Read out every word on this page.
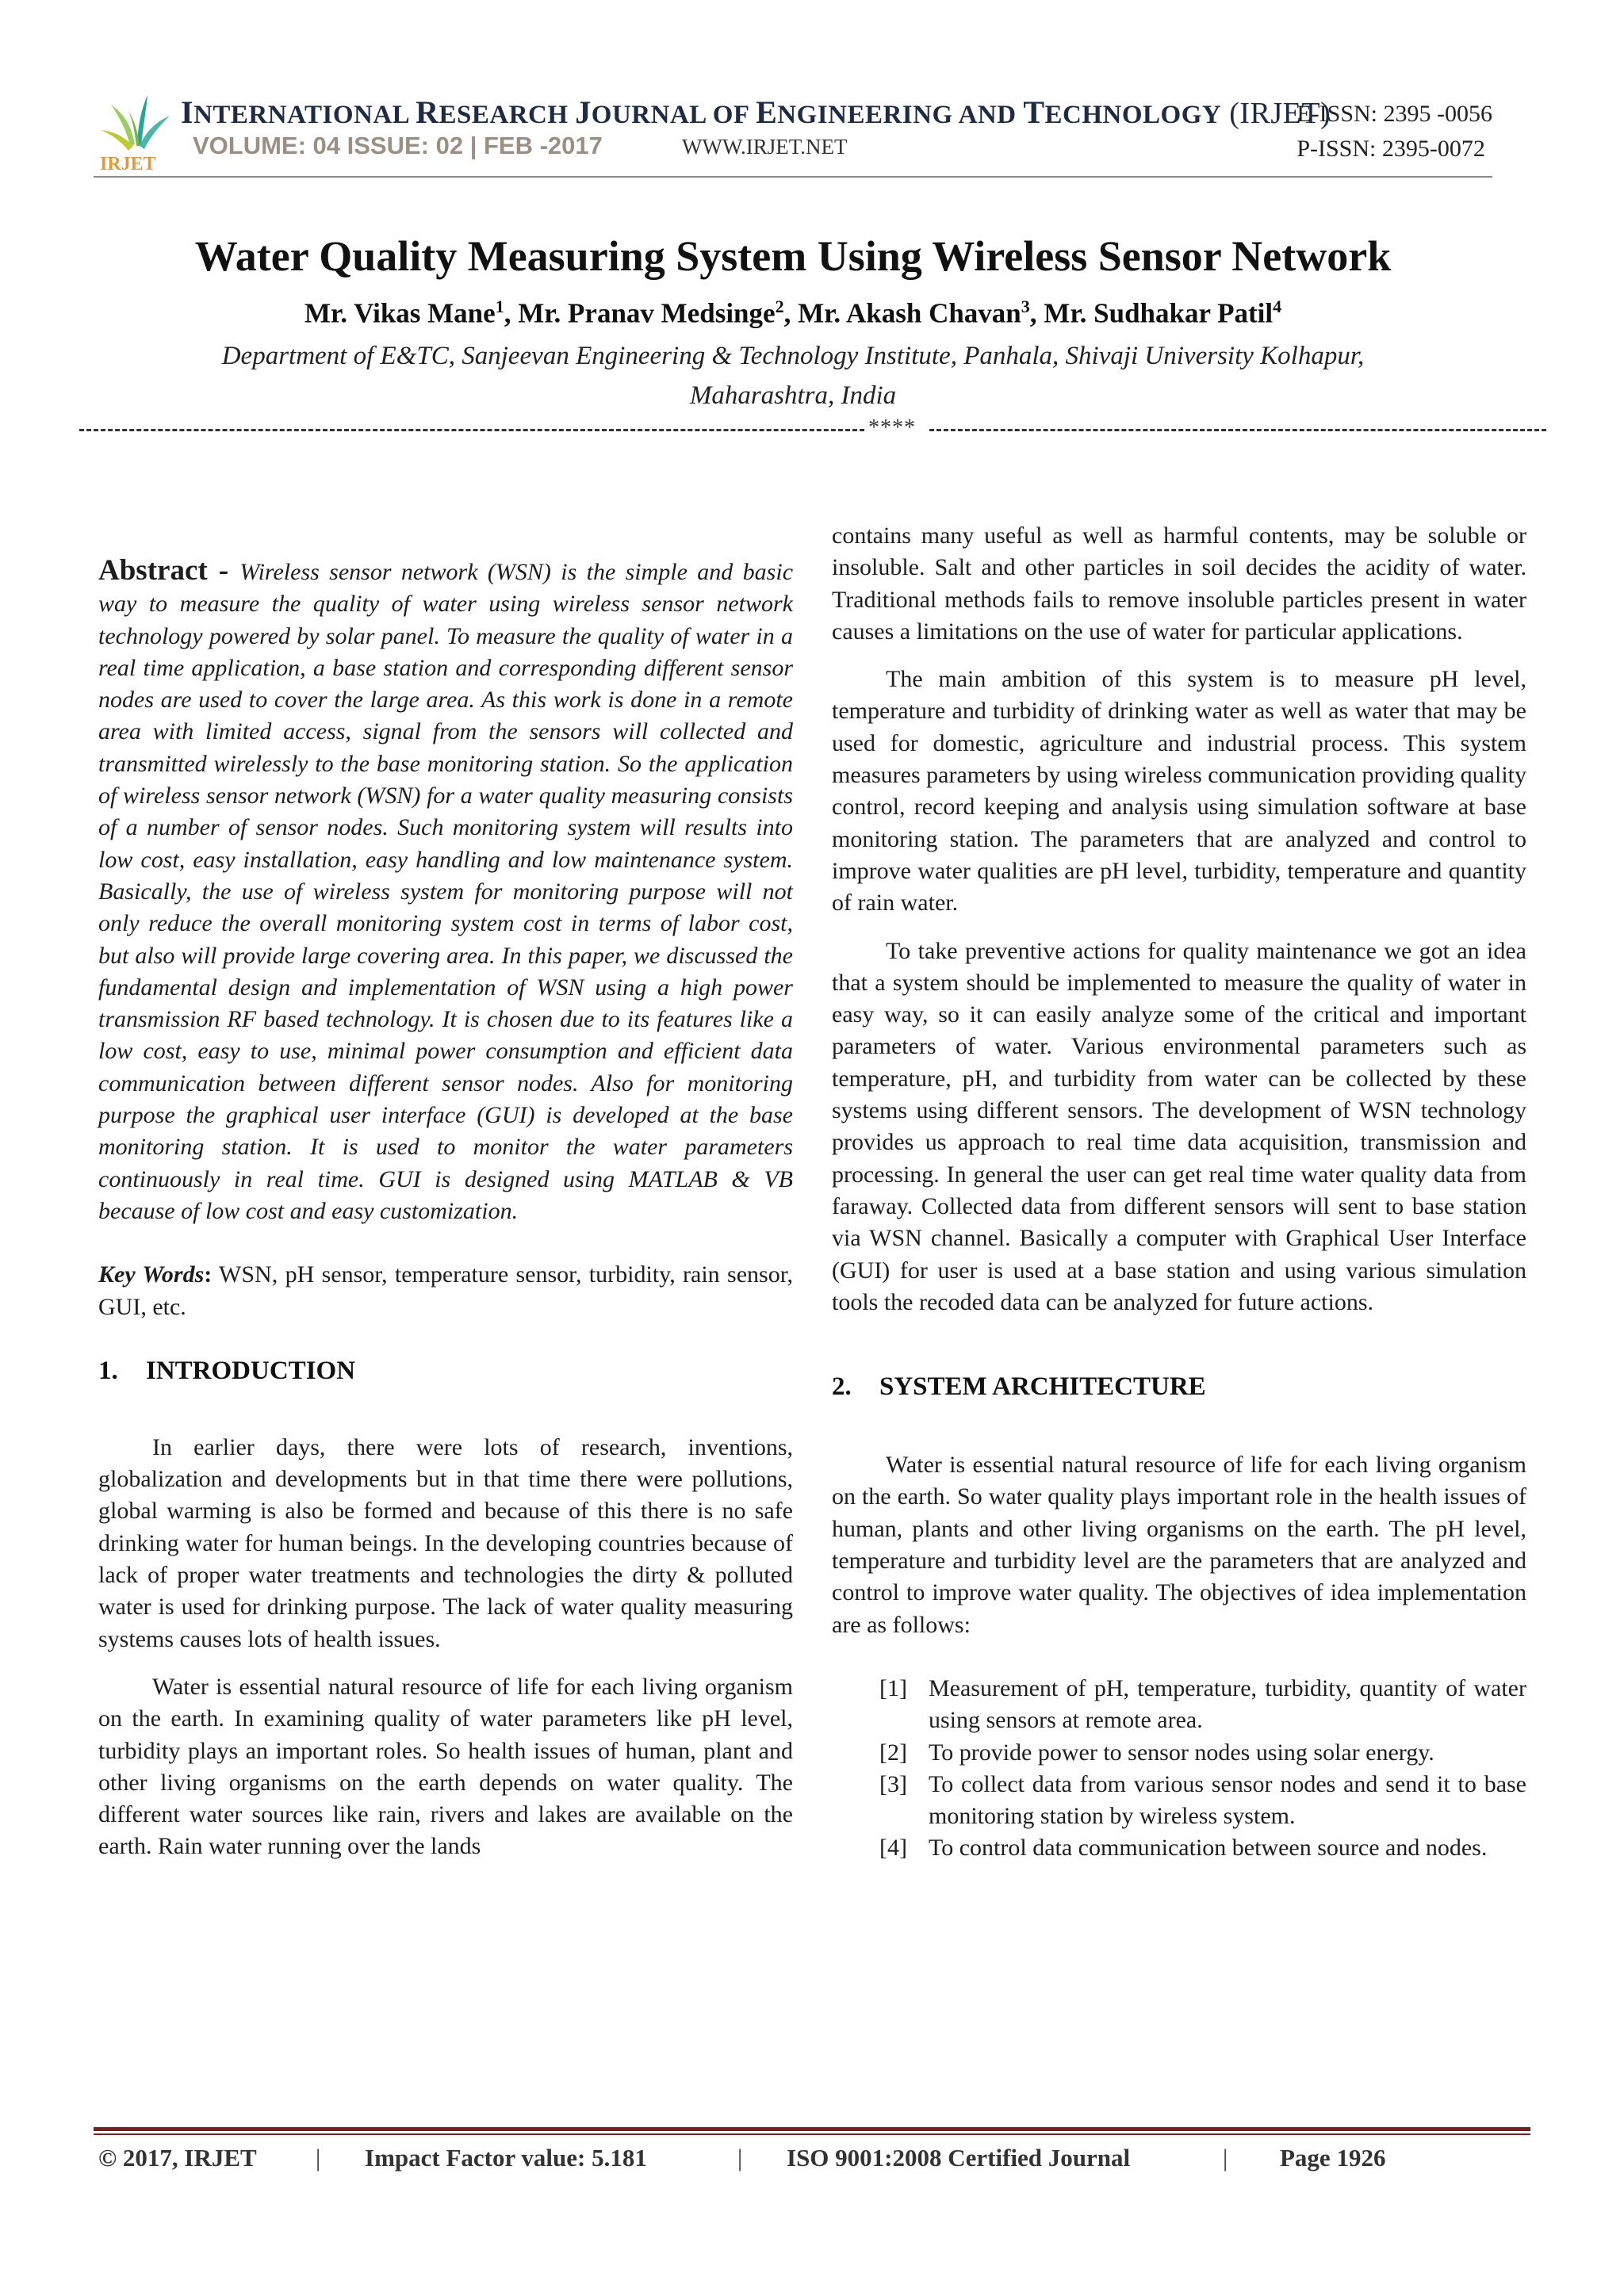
IRJET
INTERNATIONAL RESEARCH JOURNAL OF ENGINEERING AND TECHNOLOGY (IRJET)
VOLUME: 04 ISSUE: 02 | FEB -2017	WWW.IRJET.NET
E-ISSN: 2395 -0056
P-ISSN: 2395-0072
Water Quality Measuring System Using Wireless Sensor Network
Mr. Vikas Mane$^1$, Mr. Pranav Medsinge$^2$, Mr. Akash Chavan$^3$, Mr. Sudhakar Patil$^4$
Department of E&TC, Sanjeevan Engineering & Technology Institute, Panhala, Shivaji University Kolhapur,
Maharashtra, India
****

Abstract - Wireless sensor network (WSN) is the simple and basic way to measure the quality of water using wireless sensor network technology powered by solar panel. To measure the quality of water in a real time application, a base station and corresponding different sensor nodes are used to cover the large area. As this work is done in a remote area with limited access, signal from the sensors will collected and transmitted wirelessly to the base monitoring station. So the application of wireless sensor network (WSN) for a water quality measuring consists of a number of sensor nodes. Such monitoring system will results into low cost, easy installation, easy handling and low maintenance system. Basically, the use of wireless system for monitoring purpose will not only reduce the overall monitoring system cost in terms of labor cost, but also will provide large covering area. In this paper, we discussed the fundamental design and implementation of WSN using a high power transmission RF based technology. It is chosen due to its features like a low cost, easy to use, minimal power consumption and efficient data communication between different sensor nodes. Also for monitoring purpose the graphical user interface (GUI) is developed at the base monitoring station. It is used to monitor the water parameters continuously in real time. GUI is designed using MATLAB & VB because of low cost and easy customization.

Key Words: WSN, pH sensor, temperature sensor, turbidity, rain sensor, GUI, etc.

1. INTRODUCTION

In earlier days, there were lots of research, inventions, globalization and developments but in that time there were pollutions, global warming is also be formed and because of this there is no safe drinking water for human beings. In the developing countries because of lack of proper water treatments and technologies the dirty & polluted water is used for drinking purpose. The lack of water quality measuring systems causes lots of health issues.

Water is essential natural resource of life for each living organism on the earth. In examining quality of water parameters like pH level, turbidity plays an important roles. So health issues of human, plant and other living organisms on the earth depends on water quality. The different water sources like rain, rivers and lakes are available on the earth. Rain water running over the lands

contains many useful as well as harmful contents, may be soluble or insoluble. Salt and other particles in soil decides the acidity of water. Traditional methods fails to remove insoluble particles present in water causes a limitations on the use of water for particular applications.

The main ambition of this system is to measure pH level, temperature and turbidity of drinking water as well as water that may be used for domestic, agriculture and industrial process. This system measures parameters by using wireless communication providing quality control, record keeping and analysis using simulation software at base monitoring station. The parameters that are analyzed and control to improve water qualities are pH level, turbidity, temperature and quantity of rain water.

To take preventive actions for quality maintenance we got an idea that a system should be implemented to measure the quality of water in easy way, so it can easily analyze some of the critical and important parameters of water. Various environmental parameters such as temperature, pH, and turbidity from water can be collected by these systems using different sensors. The development of WSN technology provides us approach to real time data acquisition, transmission and processing. In general the user can get real time water quality data from faraway. Collected data from different sensors will sent to base station via WSN channel. Basically a computer with Graphical User Interface (GUI) for user is used at a base station and using various simulation tools the recoded data can be analyzed for future actions.

2. SYSTEM ARCHITECTURE

Water is essential natural resource of life for each living organism on the earth. So water quality plays important role in the health issues of human, plants and other living organisms on the earth. The pH level, temperature and turbidity level are the parameters that are analyzed and control to improve water quality. The objectives of idea implementation are as follows:

[1] Measurement of pH, temperature, turbidity, quantity of water using sensors at remote area.
[2] To provide power to sensor nodes using solar energy.
[3] To collect data from various sensor nodes and send it to base monitoring station by wireless system.
[4] To control data communication between source and nodes.
© 2017, IRJET | Impact Factor value: 5.181	| ISO 9001:2008 Certified Journal	| Page 1926
